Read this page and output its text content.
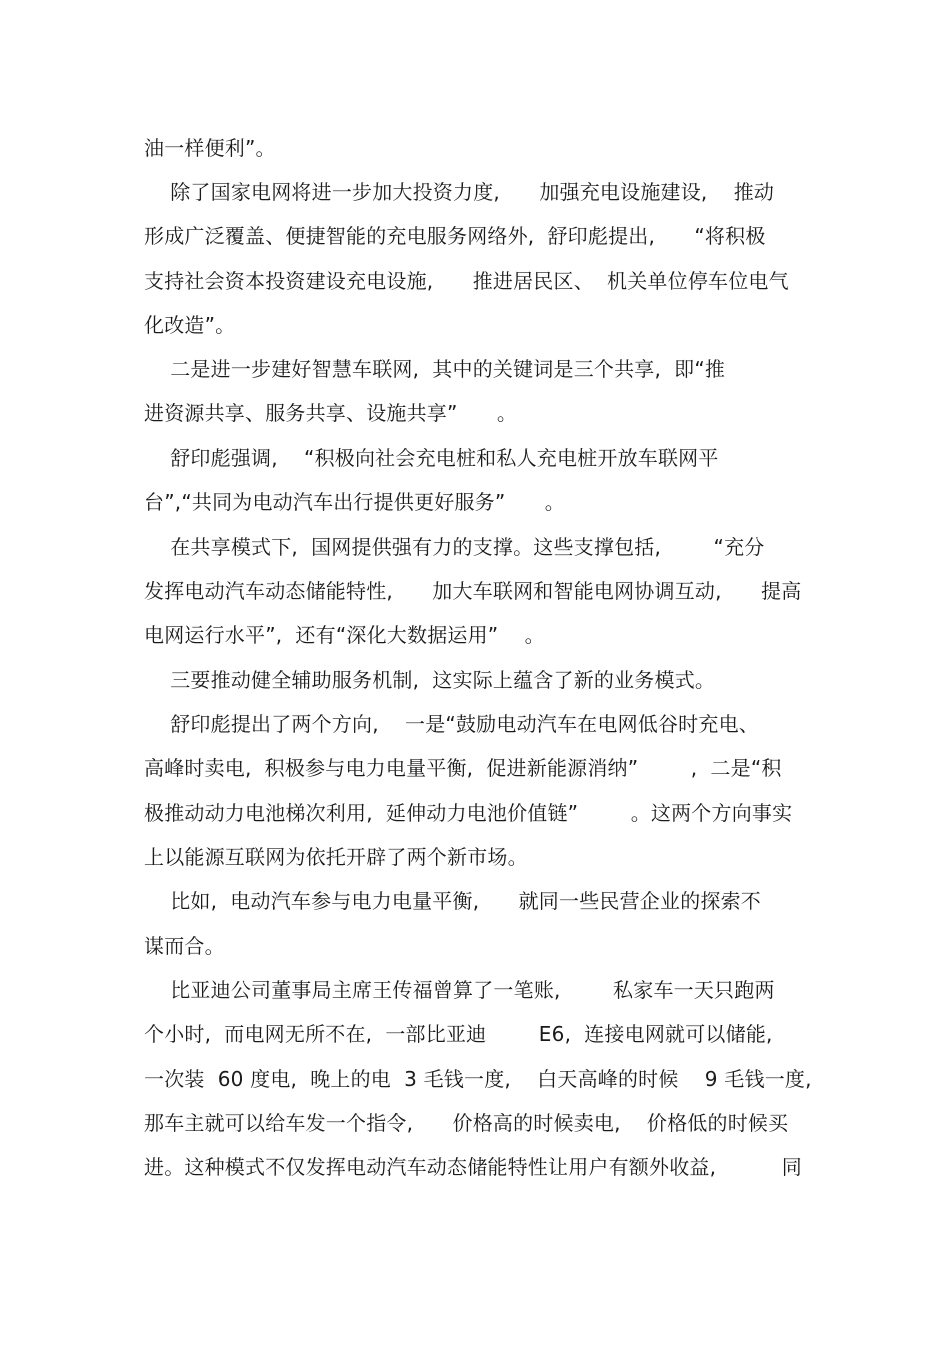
油一样便利”。
除了国家电网将进一步加大投资力度,      加强充电设施建设,    推动
形成广泛覆盖、便捷智能的充电服务网络外,  舒印彪提出,      “将积极
支持社会资本投资建设充电设施,      推进居民区、  机关单位停车位电气
化改造”。
二是进一步建好智慧车联网,  其中的关键词是三个共享,  即“推
进资源共享、服务共享、设施共享”      。
舒印彪强调,    “积极向社会充电桩和私人充电桩开放车联网平
台”,“共同为电动汽车出行提供更好服务”      。
在共享模式下,  国网提供强有力的支撑。这些支撑包括,        “充分
发挥电动汽车动态储能特性,      加大车联网和智能电网协调互动,      提高
电网运行水平”,  还有“深化大数据运用”    。
三要推动健全辅助服务机制,  这实际上蕴含了新的业务模式。
舒印彪提出了两个方向,    一是“鼓励电动汽车在电网低谷时充电、
高峰时卖电,  积极参与电力电量平衡,  促进新能源消纳”        ,  二是“积
极推动动力电池梯次利用,  延伸动力电池价值链”        。这两个方向事实
上以能源互联网为依托开辟了两个新市场。
比如,  电动汽车参与电力电量平衡,      就同一些民营企业的探索不
谋而合。
比亚迪公司董事局主席王传福曾算了一笔账,        私家车一天只跑两
个小时,  而电网无所不在,  一部比亚迪        E6,  连接电网就可以储能,
一次装  60 度电,  晚上的电  3 毛钱一度,    白天高峰的时候    9 毛钱一度,
那车主就可以给车发一个指令,      价格高的时候卖电,    价格低的时候买
进。这种模式不仅发挥电动汽车动态储能特性让用户有额外收益,          同
